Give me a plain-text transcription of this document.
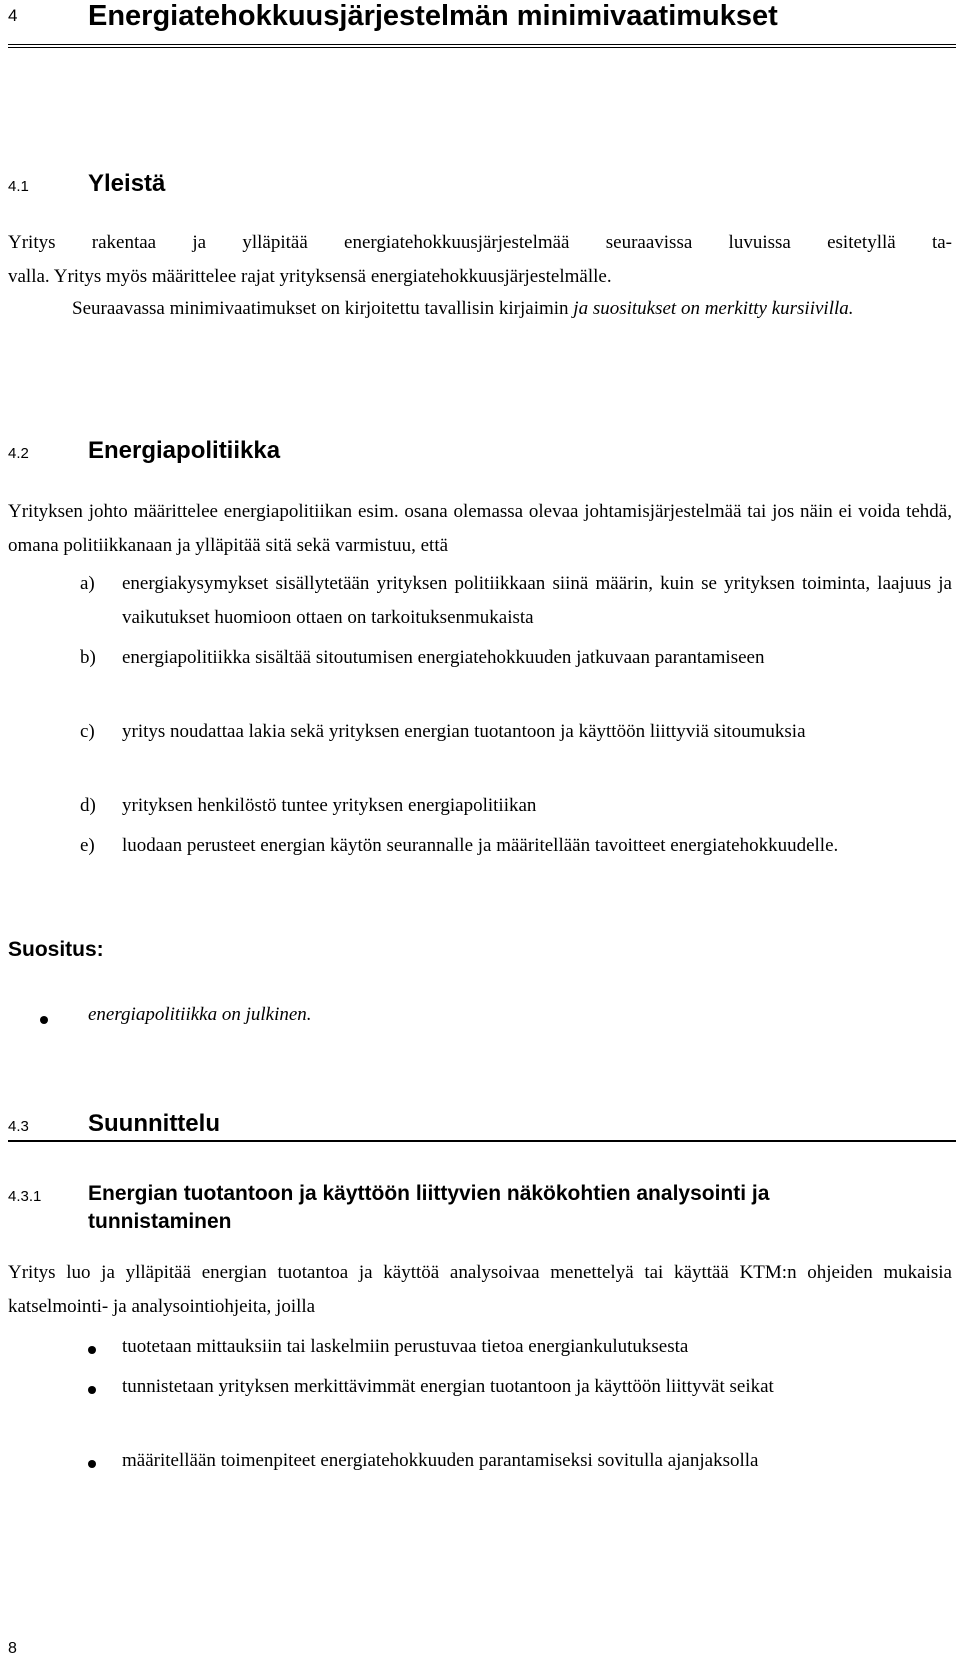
4 Energiatehokkuusjärjestelmän minimivaatimukset
4.1 Yleistä

Yritys rakentaa ja ylläpitää energiatehokkuusjärjestelmää seuraavissa luvuissa esitetyllä ta-

valla. Yritys myös määrittelee rajat yrityksensä energiatehokkuusjärjestelmälle.

Seuraavassa minimivaatimukset on kirjoitettu tavallisin kirjaimin ja suositukset on merkitty kursiivilla.
4.2 Energiapolitiikka
Yrityksen johto määrittelee energiapolitiikan esim. osana olemassa olevaa johtamisjärjestelmää tai jos näin ei voida tehdä, omana politiikkanaan ja ylläpitää sitä sekä varmistuu, että
a)	energiakysymykset sisällytetään yrityksen politiikkaan siinä määrin, kuin se yrityksen toiminta, laajuus ja vaikutukset huomioon ottaen on tarkoituksenmukaista
b)	energiapolitiikka sisältää sitoutumisen energiatehokkuuden jatkuvaan parantamiseen
c)	yritys noudattaa lakia sekä yrityksen energian tuotantoon ja käyttöön liittyviä sitoumuksia
d)	yrityksen henkilöstö tuntee yrityksen energiapolitiikan
e)	luodaan perusteet energian käytön seurannalle ja määritellään tavoitteet energiatehokkuudelle.
Suositus:
energiapolitiikka on julkinen.
4.3 Suunnittelu
4.3.1 Energian tuotantoon ja käyttöön liittyvien näkökohtien analysointi ja
tunnistaminen
Yritys luo ja ylläpitää energian tuotantoa ja käyttöä analysoivaa menettelyä tai käyttää KTM:n ohjeiden mukaisia katselmointi- ja analysointiohjeita, joilla
tuotetaan mittauksiin tai laskelmiin perustuvaa tietoa energiankulutuksesta
tunnistetaan yrityksen merkittävimmät energian tuotantoon ja käyttöön liittyvät seikat
määritellään toimenpiteet energiatehokkuuden parantamiseksi sovitulla ajanjaksolla
8
